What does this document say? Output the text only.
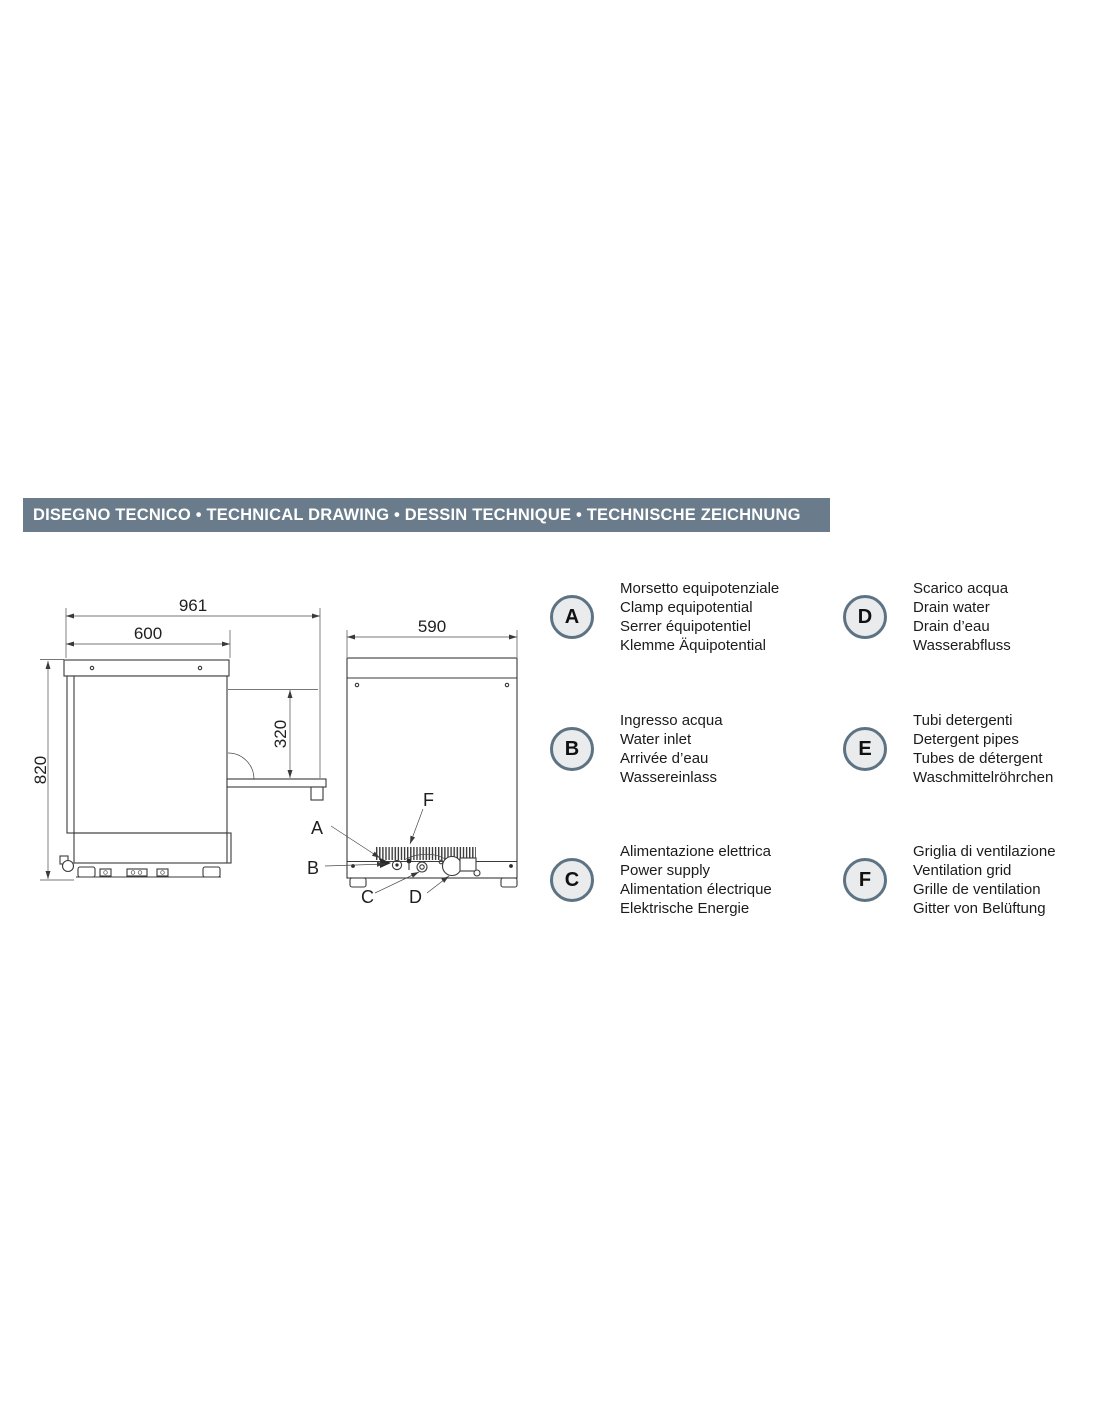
DISEGNO TECNICO • TECHNICAL DRAWING • DESSIN TECHNIQUE • TECHNISCHE ZEICHNUNG
961
600
820
320
590
A
B
C D
F
A
Morsetto equipotenziale
Clamp equipotential
Serrer équipotentiel
Klemme Äquipotential
B
Ingresso acqua
Water inlet
Arrivée d’eau
Wassereinlass
C
Alimentazione elettrica
Power supply
Alimentation électrique
Elektrische Energie
D
Scarico acqua
Drain water
Drain d’eau
Wasserabfluss
E
Tubi detergenti
Detergent pipes
Tubes de détergent
Waschmittelröhrchen
F
Griglia di ventilazione
Ventilation grid
Grille de ventilation
Gitter von Belüftung
